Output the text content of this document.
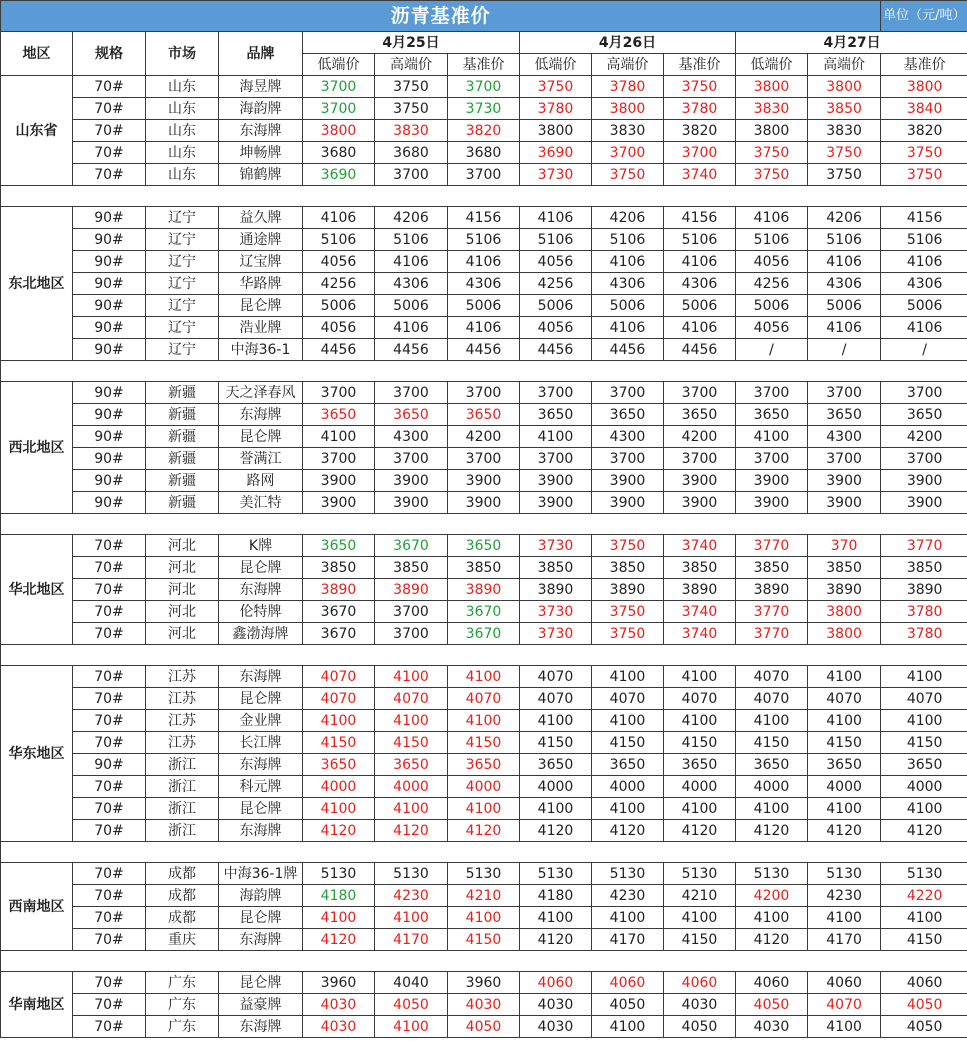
沥青基准价												单位（元/吨）
地区	规格	市场	品牌	4月25日			4月26日			4月27日		
				低端价	高端价	基准价	低端价	高端价	基准价	低端价	高端价	基准价
山东省	70#	山东	海昱牌	3700	3750	3700	3750	3780	3750	3800	3800	3800
	70#	山东	海韵牌	3700	3750	3730	3780	3800	3780	3830	3850	3840
	70#	山东	东海牌	3800	3830	3820	3800	3830	3820	3800	3830	3820
	70#	山东	坤畅牌	3680	3680	3680	3690	3700	3700	3750	3750	3750
	70#	山东	锦鹤牌	3690	3700	3700	3730	3750	3740	3750	3750	3750

东北地区	90#	辽宁	益久牌	4106	4206	4156	4106	4206	4156	4106	4206	4156
	90#	辽宁	通途牌	5106	5106	5106	5106	5106	5106	5106	5106	5106
	90#	辽宁	辽宝牌	4056	4106	4106	4056	4106	4106	4056	4106	4106
	90#	辽宁	华路牌	4256	4306	4306	4256	4306	4306	4256	4306	4306
	90#	辽宁	昆仑牌	5006	5006	5006	5006	5006	5006	5006	5006	5006
	90#	辽宁	浩业牌	4056	4106	4106	4056	4106	4106	4056	4106	4106
	90#	辽宁	中海36-1	4456	4456	4456	4456	4456	4456	/	/	/

西北地区	90#	新疆	天之泽春风	3700	3700	3700	3700	3700	3700	3700	3700	3700
	90#	新疆	东海牌	3650	3650	3650	3650	3650	3650	3650	3650	3650
	90#	新疆	昆仑牌	4100	4300	4200	4100	4300	4200	4100	4300	4200
	90#	新疆	誉满江	3700	3700	3700	3700	3700	3700	3700	3700	3700
	90#	新疆	路网	3900	3900	3900	3900	3900	3900	3900	3900	3900
	90#	新疆	美汇特	3900	3900	3900	3900	3900	3900	3900	3900	3900

华北地区	70#	河北	K牌	3650	3670	3650	3730	3750	3740	3770	370	3770
	70#	河北	昆仑牌	3850	3850	3850	3850	3850	3850	3850	3850	3850
	70#	河北	东海牌	3890	3890	3890	3890	3890	3890	3890	3890	3890
	70#	河北	伦特牌	3670	3700	3670	3730	3750	3740	3770	3800	3780
	70#	河北	鑫渤海牌	3670	3700	3670	3730	3750	3740	3770	3800	3780

华东地区	70#	江苏	东海牌	4070	4100	4100	4070	4100	4100	4070	4100	4100
	70#	江苏	昆仑牌	4070	4070	4070	4070	4070	4070	4070	4070	4070
	70#	江苏	金业牌	4100	4100	4100	4100	4100	4100	4100	4100	4100
	70#	江苏	长江牌	4150	4150	4150	4150	4150	4150	4150	4150	4150
	90#	浙江	东海牌	3650	3650	3650	3650	3650	3650	3650	3650	3650
	70#	浙江	科元牌	4000	4000	4000	4000	4000	4000	4000	4000	4000
	70#	浙江	昆仑牌	4100	4100	4100	4100	4100	4100	4100	4100	4100
	70#	浙江	东海牌	4120	4120	4120	4120	4120	4120	4120	4120	4120

西南地区	70#	成都	中海36-1牌	5130	5130	5130	5130	5130	5130	5130	5130	5130
	70#	成都	海韵牌	4180	4230	4210	4180	4230	4210	4200	4230	4220
	70#	成都	昆仑牌	4100	4100	4100	4100	4100	4100	4100	4100	4100
	70#	重庆	东海牌	4120	4170	4150	4120	4170	4150	4120	4170	4150

华南地区	70#	广东	昆仑牌	3960	4040	3960	4060	4060	4060	4060	4060	4060
	70#	广东	益豪牌	4030	4050	4030	4030	4050	4030	4050	4070	4050
	70#	广东	东海牌	4030	4100	4050	4030	4100	4050	4030	4100	4050
